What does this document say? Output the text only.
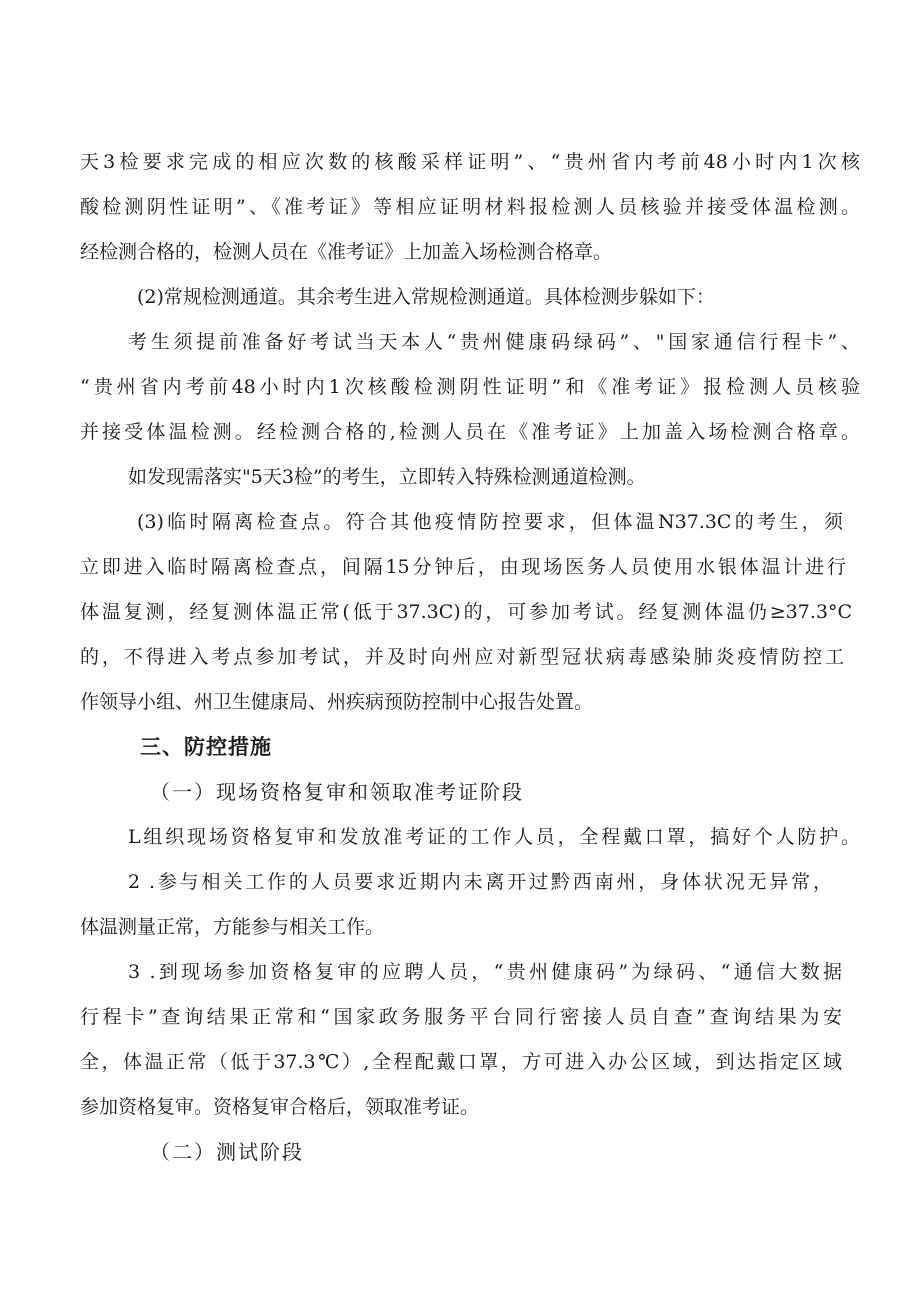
天3检要求完成的相应次数的核酸采样证明”、“贵州省内考前48小时内1次核
酸检测阴性证明”、《准考证》等相应证明材料报检测人员核验并接受体温检测。
经检测合格的，检测人员在《准考证》上加盖入场检测合格章。
(2)常规检测通道。其余考生进入常规检测通道。具体检测步躲如下：
考生须提前准备好考试当天本人“贵州健康码绿码”、"国家通信行程卡”、
“贵州省内考前48小时内1次核酸检测阴性证明”和《准考证》报检测人员核验
并接受体温检测。经检测合格的,检测人员在《准考证》上加盖入场检测合格章。
如发现需落实"5天3检”的考生，立即转入特殊检测通道检测。
(3)临时隔离检查点。符合其他疫情防控要求，但体温N37.3C的考生，须
立即进入临时隔离检查点，间隔15分钟后，由现场医务人员使用水银体温计进行
体温复测，经复测体温正常(低于37.3C)的，可参加考试。经复测体温仍≥37.3°C
的，不得进入考点参加考试，并及时向州应对新型冠状病毒感染肺炎疫情防控工
作领导小组、州卫生健康局、州疾病预防控制中心报告处置。
三、防控措施
（一）现场资格复审和领取准考证阶段
L组织现场资格复审和发放准考证的工作人员，全程戴口罩，搞好个人防护。
2 .参与相关工作的人员要求近期内未离开过黔西南州，身体状况无异常，
体温测量正常，方能参与相关工作。
3 .到现场参加资格复审的应聘人员，“贵州健康码”为绿码、“通信大数据
行程卡”查询结果正常和“国家政务服务平台同行密接人员自查”查询结果为安
全，体温正常（低于37.3℃）,全程配戴口罩，方可进入办公区域，到达指定区域
参加资格复审。资格复审合格后，领取准考证。
（二）测试阶段
